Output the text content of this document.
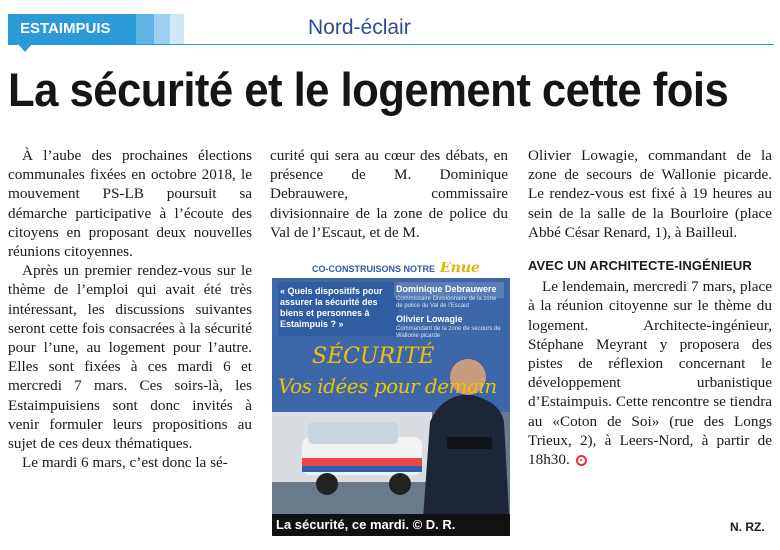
ESTAIMPUIS	Nord-éclair
La sécurité et le logement cette fois

À l’aube des prochaines élections communales fixées en octobre 2018, le mouvement PS-LB poursuit sa démarche participative à l’écoute des citoyens en proposant deux nouvelles réunions citoyennes.

Après un premier rendez-vous sur le thème de l’emploi qui avait été très intéressant, les discussions suivantes seront cette fois consacrées à la sécurité pour l’une, au logement pour l’autre. Elles sont fixées à ces mardi 6 et mercredi 7 mars. Ces soirs-là, les Estaimpuisiens sont donc invités à venir formuler leurs propositions au sujet de ces deux thématiques.

Le mardi 6 mars, c’est donc la sé-

curité qui sera au cœur des débats, en présence de M. Dominique Debrauwere, commissaire divisionnaire de la zone de police du Val de l’Escaut, et de M.

CO-CONSTRUISONS NOTRE Enue
« Quels dispositifs pour assurer la sécurité des biens et personnes à Estaimpuis ? »
Dominique Debrauwere
Commissaire Divisionnaire de la zone de police du Val de l'Escaut
Olivier Lowagie
Commandant de la zone de secours de Wallonie picarde
SÉCURITÉ
Vos idées pour demain
La sécurité, ce mardi. © D. R.

Olivier Lowagie, commandant de la zone de secours de Wallonie picarde. Le rendez-vous est fixé à 19 heures au sein de la salle de la Bourloire (place Abbé César Renard, 1), à Bailleul.

AVEC UN ARCHITECTE-INGÉNIEUR

Le lendemain, mercredi 7 mars, place à la réunion citoyenne sur le thème du logement. Architecte-ingénieur, Stéphane Meyrant y proposera des pistes de réflexion concernant le développement urbanistique d’Estaimpuis. Cette rencontre se tiendra au «Coton de Soi» (rue des Longs Trieux, 2), à Leers-Nord, à partir de 18h30.

N. RZ.
